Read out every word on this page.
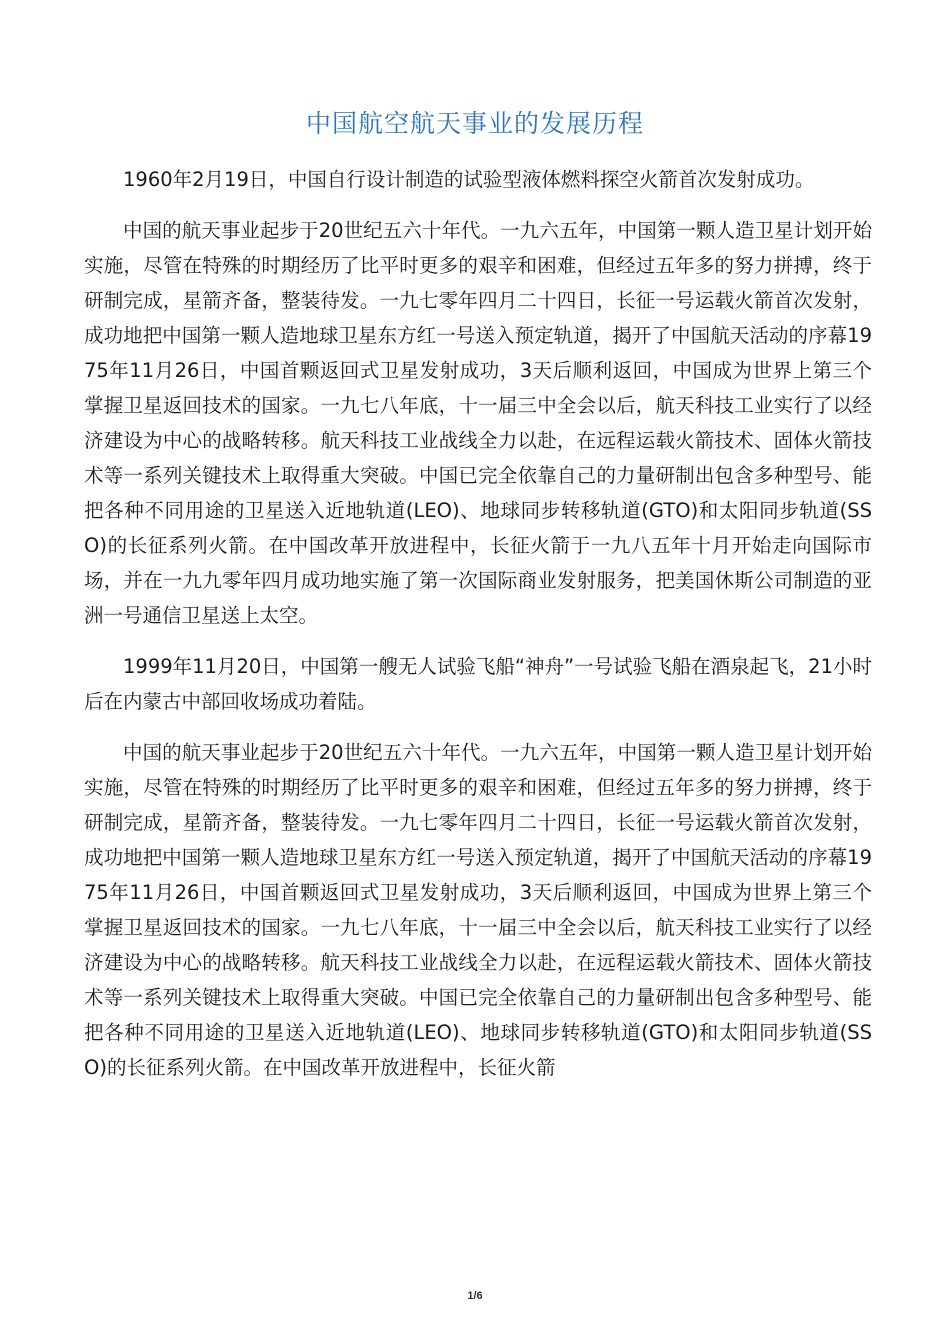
中国航空航天事业的发展历程

1960年2月19日，中国自行设计制造的试验型液体燃料探空火箭首次发射成功。

中国的航天事业起步于20世纪五六十年代。一九六五年，中国第一颗人造卫星计划开始实施，尽管在特殊的时期经历了比平时更多的艰辛和困难，但经过五年多的努力拼搏，终于研制完成，星箭齐备，整装待发。一九七零年四月二十四日，长征一号运载火箭首次发射，成功地把中国第一颗人造地球卫星东方红一号送入预定轨道，揭开了中国航天活动的序幕1975年11月26日，中国首颗返回式卫星发射成功，3天后顺利返回，中国成为世界上第三个掌握卫星返回技术的国家。一九七八年底，十一届三中全会以后，航天科技工业实行了以经济建设为中心的战略转移。航天科技工业战线全力以赴，在远程运载火箭技术、固体火箭技术等一系列关键技术上取得重大突破。中国已完全依靠自己的力量研制出包含多种型号、能把各种不同用途的卫星送入近地轨道(LEO)、地球同步转移轨道(GTO)和太阳同步轨道(SSO)的长征系列火箭。在中国改革开放进程中，长征火箭于一九八五年十月开始走向国际市场，并在一九九零年四月成功地实施了第一次国际商业发射服务，把美国休斯公司制造的亚洲一号通信卫星送上太空。

1999年11月20日，中国第一艘无人试验飞船“神舟”一号试验飞船在酒泉起飞，21小时后在内蒙古中部回收场成功着陆。

中国的航天事业起步于20世纪五六十年代。一九六五年，中国第一颗人造卫星计划开始实施，尽管在特殊的时期经历了比平时更多的艰辛和困难，但经过五年多的努力拼搏，终于研制完成，星箭齐备，整装待发。一九七零年四月二十四日，长征一号运载火箭首次发射，成功地把中国第一颗人造地球卫星东方红一号送入预定轨道，揭开了中国航天活动的序幕1975年11月26日，中国首颗返回式卫星发射成功，3天后顺利返回，中国成为世界上第三个掌握卫星返回技术的国家。一九七八年底，十一届三中全会以后，航天科技工业实行了以经济建设为中心的战略转移。航天科技工业战线全力以赴，在远程运载火箭技术、固体火箭技术等一系列关键技术上取得重大突破。中国已完全依靠自己的力量研制出包含多种型号、能把各种不同用途的卫星送入近地轨道(LEO)、地球同步转移轨道(GTO)和太阳同步轨道(SSO)的长征系列火箭。在中国改革开放进程中，长征火箭

1/6
